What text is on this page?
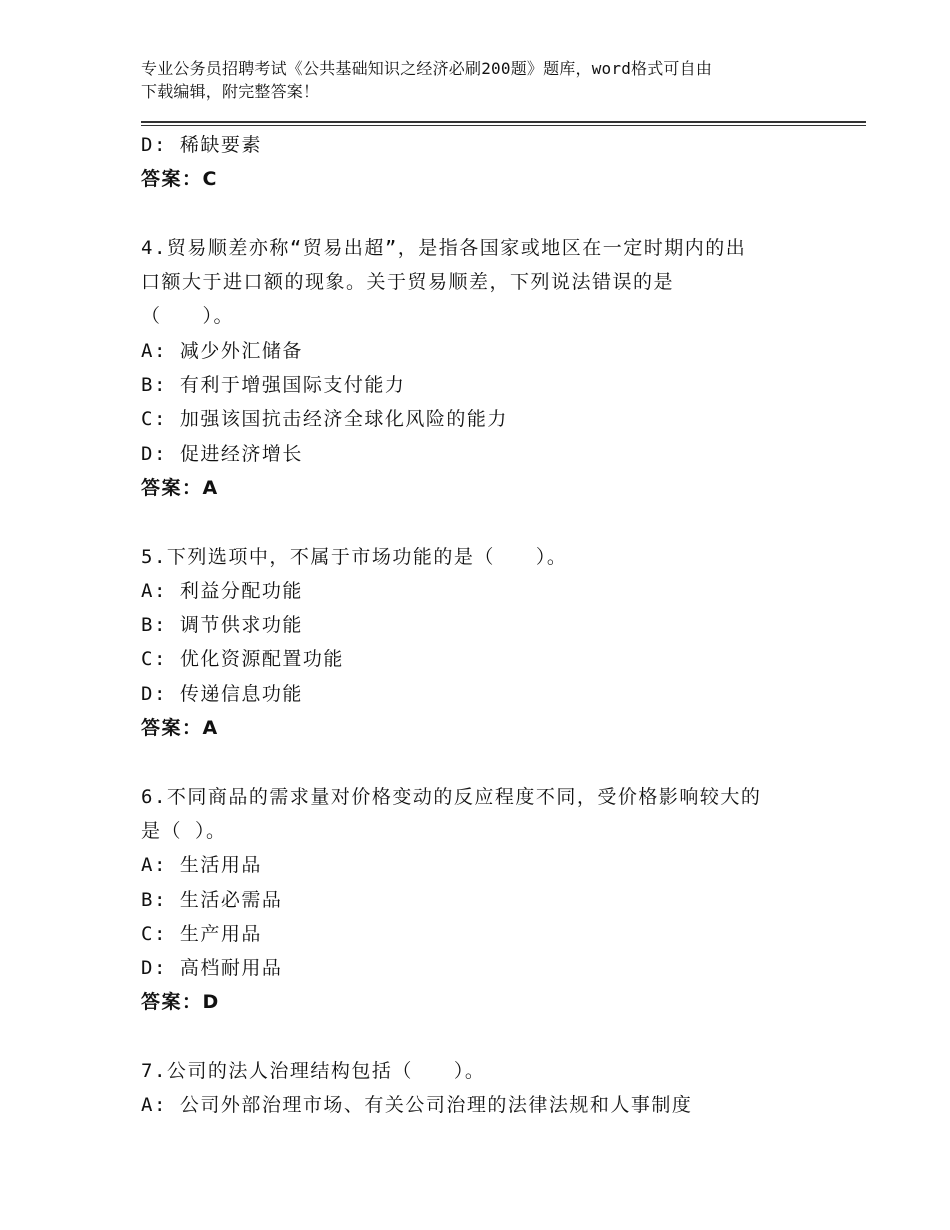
专业公务员招聘考试《公共基础知识之经济必刷200题》题库，word格式可自由
下载编辑，附完整答案！
D: 稀缺要素
答案：C
4.贸易顺差亦称“贸易出超”，是指各国家或地区在一定时期内的出
口额大于进口额的现象。关于贸易顺差，下列说法错误的是
（　　）。
A: 减少外汇储备
B: 有利于增强国际支付能力
C: 加强该国抗击经济全球化风险的能力
D: 促进经济增长
答案：A
5.下列选项中，不属于市场功能的是（　　）。
A: 利益分配功能
B: 调节供求功能
C: 优化资源配置功能
D: 传递信息功能
答案：A
6.不同商品的需求量对价格变动的反应程度不同，受价格影响较大的
是（ ）。
A: 生活用品
B: 生活必需品
C: 生产用品
D: 高档耐用品
答案：D
7.公司的法人治理结构包括（　　）。
A: 公司外部治理市场、有关公司治理的法律法规和人事制度
